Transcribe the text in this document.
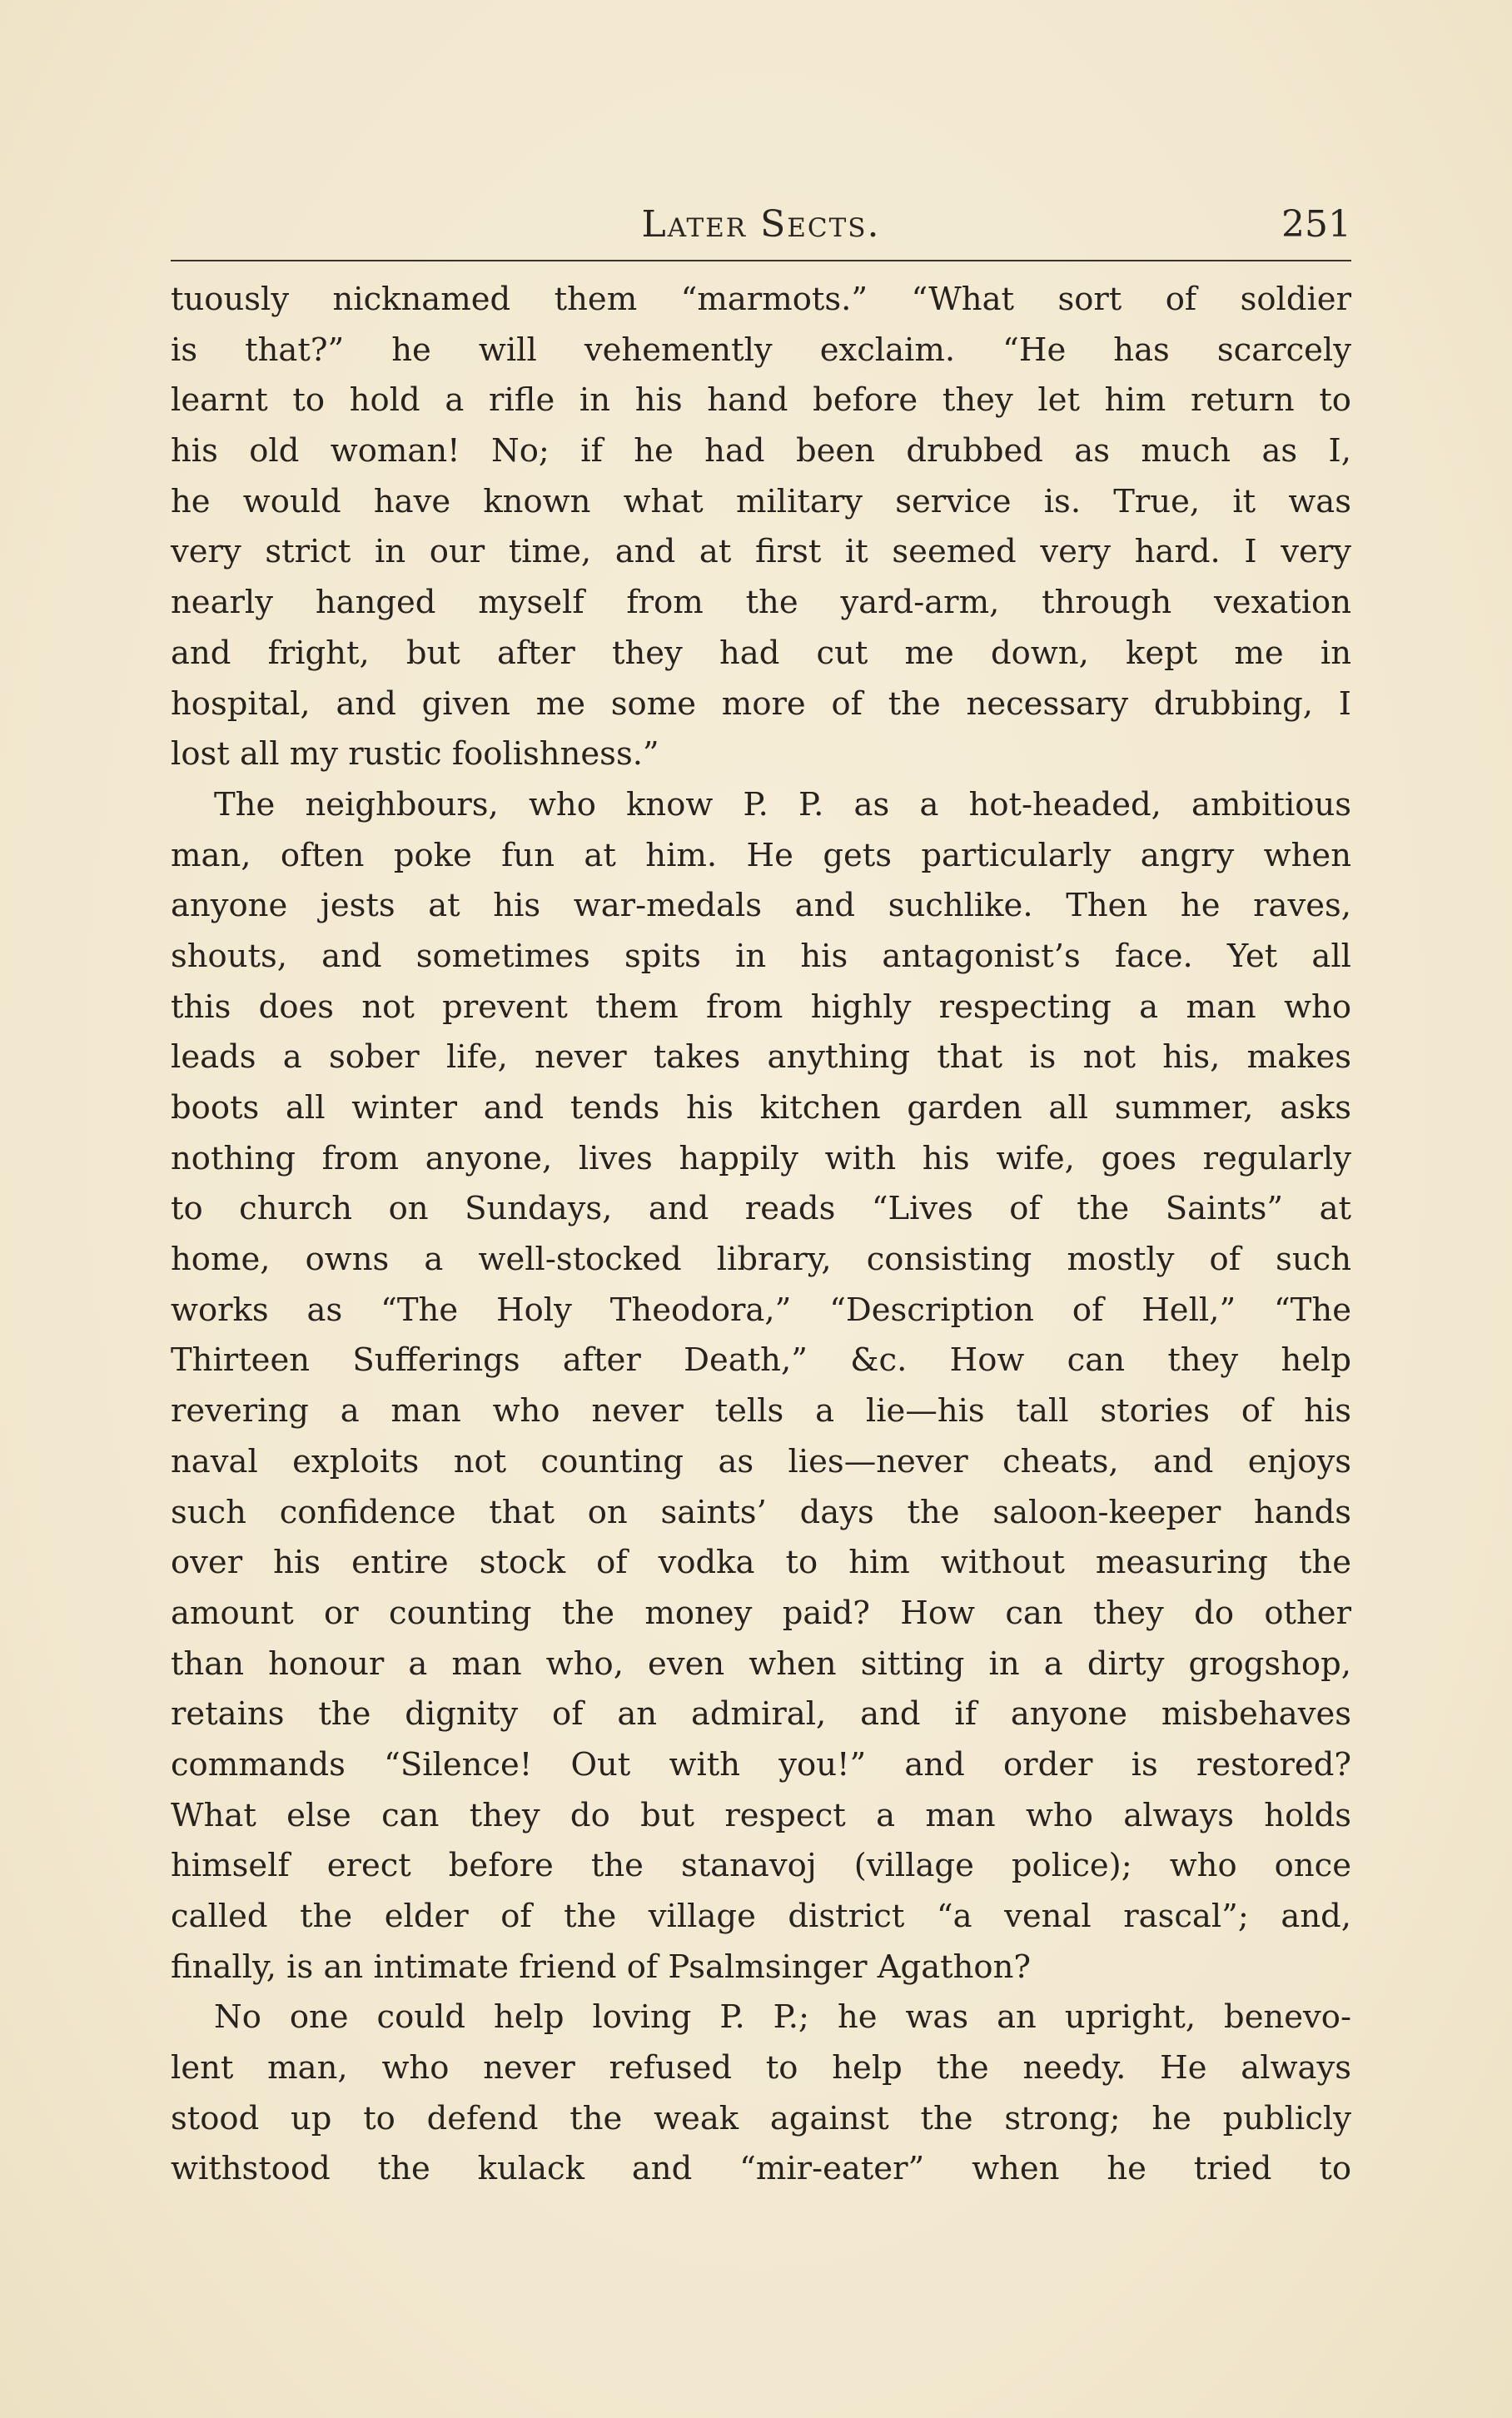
Later Sects.	251
tuously nicknamed them “marmots.” “What sort of soldier
is that?” he will vehemently exclaim. “He has scarcely
learnt to hold a rifle in his hand before they let him return to
his old woman! No; if he had been drubbed as much as I,
he would have known what military service is. True, it was
very strict in our time, and at first it seemed very hard. I very
nearly hanged myself from the yard-arm, through vexation
and fright, but after they had cut me down, kept me in
hospital, and given me some more of the necessary drubbing, I
lost all my rustic foolishness.”
The neighbours, who know P. P. as a hot-headed, ambitious
man, often poke fun at him. He gets particularly angry when
anyone jests at his war-medals and suchlike. Then he raves,
shouts, and sometimes spits in his antagonist’s face. Yet all
this does not prevent them from highly respecting a man who
leads a sober life, never takes anything that is not his, makes
boots all winter and tends his kitchen garden all summer, asks
nothing from anyone, lives happily with his wife, goes regularly
to church on Sundays, and reads “Lives of the Saints” at
home, owns a well-stocked library, consisting mostly of such
works as “The Holy Theodora,” “Description of Hell,” “The
Thirteen Sufferings after Death,” &c. How can they help
revering a man who never tells a lie—his tall stories of his
naval exploits not counting as lies—never cheats, and enjoys
such confidence that on saints’ days the saloon-keeper hands
over his entire stock of vodka to him without measuring the
amount or counting the money paid? How can they do other
than honour a man who, even when sitting in a dirty grogshop,
retains the dignity of an admiral, and if anyone misbehaves
commands “Silence! Out with you!” and order is restored?
What else can they do but respect a man who always holds
himself erect before the stanavoj (village police); who once
called the elder of the village district “a venal rascal”; and,
finally, is an intimate friend of Psalmsinger Agathon?
No one could help loving P. P.; he was an upright, benevo-
lent man, who never refused to help the needy. He always
stood up to defend the weak against the strong; he publicly
withstood the kulack and “mir-eater” when he tried to
